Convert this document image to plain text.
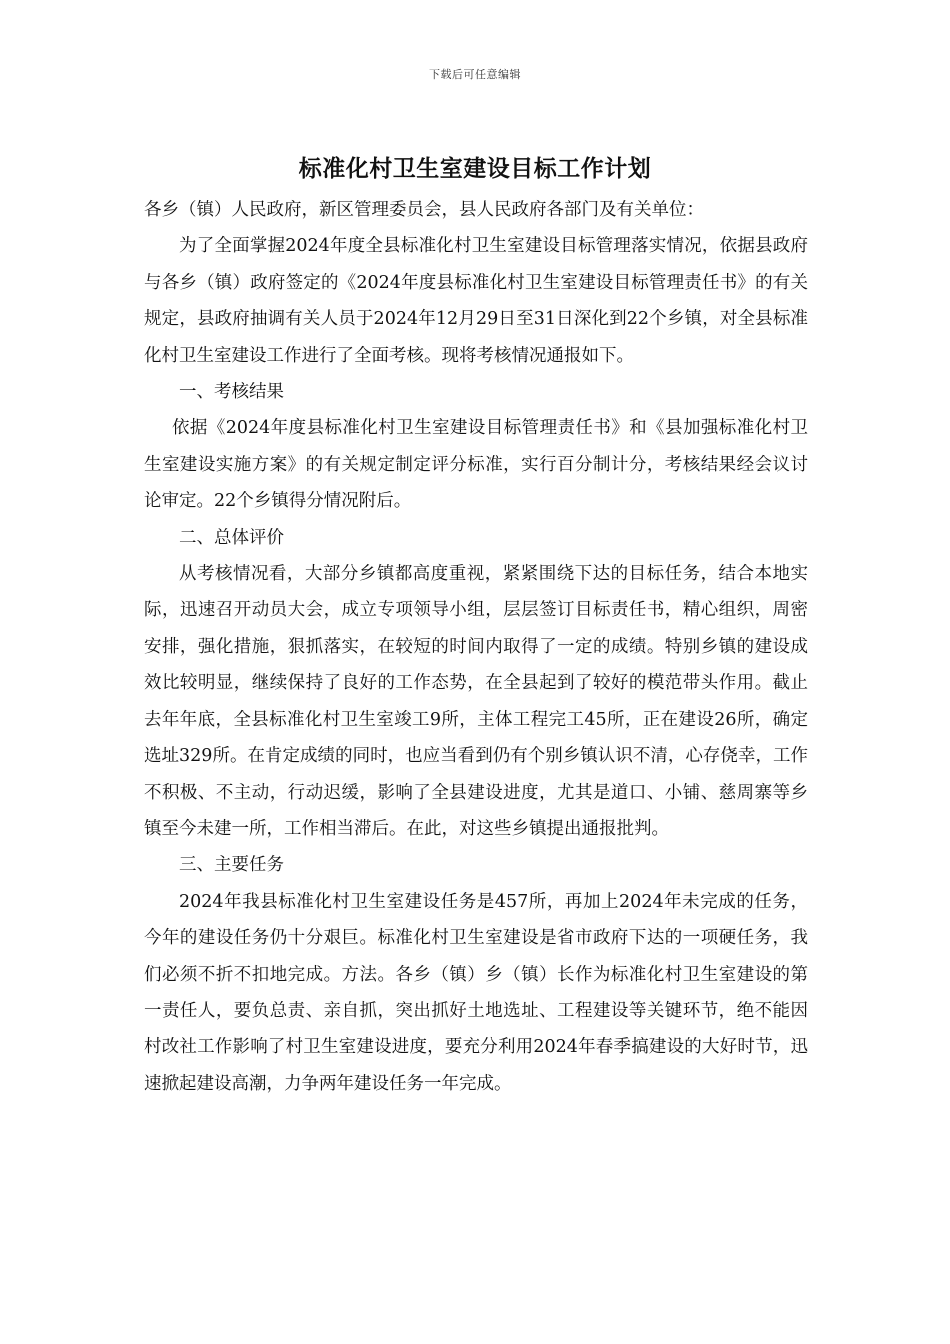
下载后可任意编辑
标准化村卫生室建设目标工作计划

各乡（镇）人民政府，新区管理委员会，县人民政府各部门及有关单位：

为了全面掌握2024年度全县标准化村卫生室建设目标管理落实情况，依据县政府与各乡（镇）政府签定的《2024年度县标准化村卫生室建设目标管理责任书》的有关规定，县政府抽调有关人员于2024年12月29日至31日深化到22个乡镇，对全县标准化村卫生室建设工作进行了全面考核。现将考核情况通报如下。

一、考核结果

依据《2024年度县标准化村卫生室建设目标管理责任书》和《县加强标准化村卫生室建设实施方案》的有关规定制定评分标准，实行百分制计分，考核结果经会议讨论审定。22个乡镇得分情况附后。

二、总体评价

从考核情况看，大部分乡镇都高度重视，紧紧围绕下达的目标任务，结合本地实际，迅速召开动员大会，成立专项领导小组，层层签订目标责任书，精心组织，周密安排，强化措施，狠抓落实，在较短的时间内取得了一定的成绩。特别乡镇的建设成效比较明显，继续保持了良好的工作态势，在全县起到了较好的模范带头作用。截止去年年底，全县标准化村卫生室竣工9所，主体工程完工45所，正在建设26所，确定选址329所。在肯定成绩的同时，也应当看到仍有个别乡镇认识不清，心存侥幸，工作不积极、不主动，行动迟缓，影响了全县建设进度，尤其是道口、小铺、慈周寨等乡镇至今未建一所，工作相当滞后。在此，对这些乡镇提出通报批判。

三、主要任务

2024年我县标准化村卫生室建设任务是457所，再加上2024年未完成的任务，今年的建设任务仍十分艰巨。标准化村卫生室建设是省市政府下达的一项硬任务，我们必须不折不扣地完成。方法。各乡（镇）乡（镇）长作为标准化村卫生室建设的第一责任人，要负总责、亲自抓，突出抓好土地选址、工程建设等关键环节，绝不能因村改社工作影响了村卫生室建设进度，要充分利用2024年春季搞建设的大好时节，迅速掀起建设高潮，力争两年建设任务一年完成。
